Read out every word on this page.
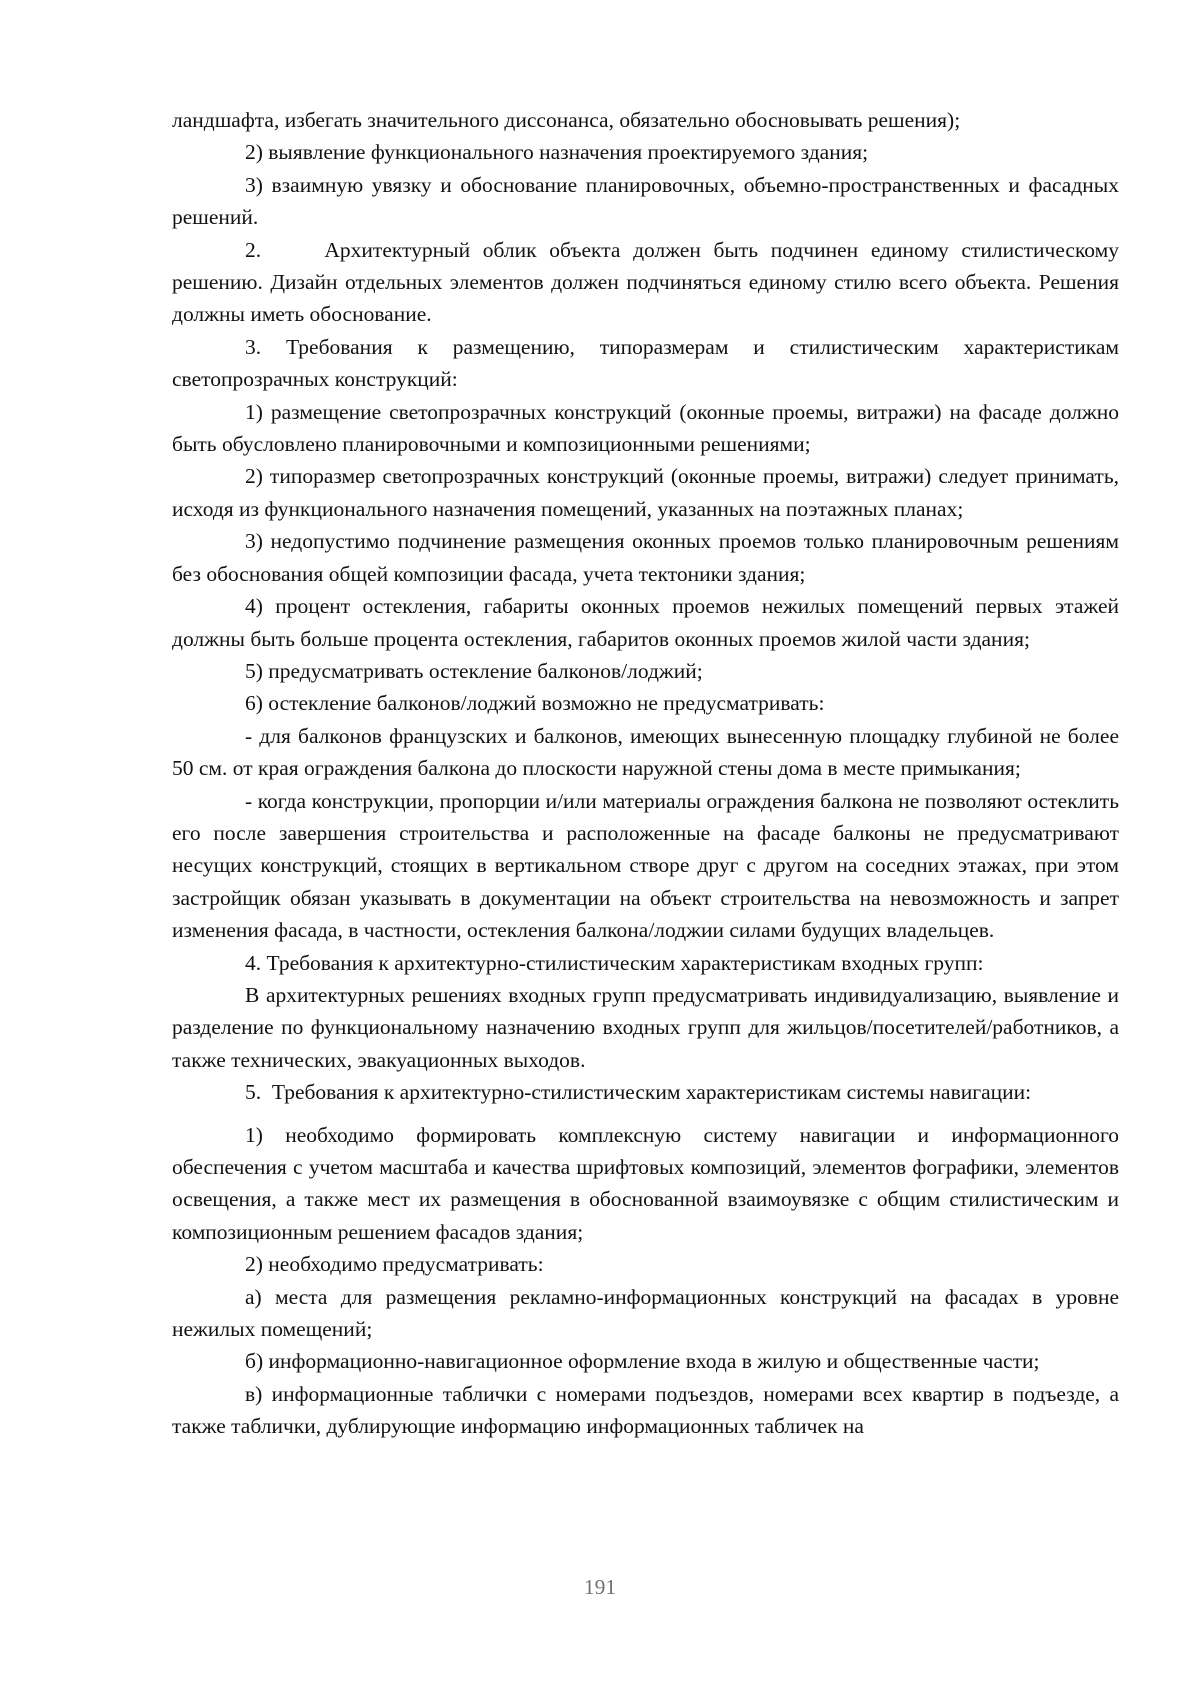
ландшафта, избегать значительного диссонанса, обязательно обосновывать решения);

2) выявление функционального назначения проектируемого здания;

3) взаимную увязку и обоснование планировочных, объемно-пространственных и фасадных решений.

2.     Архитектурный облик объекта должен быть подчинен единому стилистическому решению. Дизайн отдельных элементов должен подчиняться единому стилю всего объекта. Решения должны иметь обоснование.

3. Требования к размещению, типоразмерам и стилистическим характеристикам светопрозрачных конструкций:

1) размещение светопрозрачных конструкций (оконные проемы, витражи) на фасаде должно быть обусловлено планировочными и композиционными решениями;

2) типоразмер светопрозрачных конструкций (оконные проемы, витражи) следует принимать, исходя из функционального назначения помещений, указанных на поэтажных планах;

3) недопустимо подчинение размещения оконных проемов только планировочным решениям без обоснования общей композиции фасада, учета тектоники здания;

4) процент остекления, габариты оконных проемов нежилых помещений первых этажей должны быть больше процента остекления, габаритов оконных проемов жилой части здания;

5) предусматривать остекление балконов/лоджий;

6) остекление балконов/лоджий возможно не предусматривать:

- для балконов французских и балконов, имеющих вынесенную площадку глубиной не более 50 см. от края ограждения балкона до плоскости наружной стены дома в месте примыкания;

- когда конструкции, пропорции и/или материалы ограждения балкона не позволяют остеклить его после завершения строительства и расположенные на фасаде балконы не предусматривают несущих конструкций, стоящих в вертикальном створе друг с другом на соседних этажах, при этом застройщик обязан указывать в документации на объект строительства на невозможность и запрет изменения фасада, в частности, остекления балкона/лоджии силами будущих владельцев.

4. Требования к архитектурно-стилистическим характеристикам входных групп:

В архитектурных решениях входных групп предусматривать индивидуализацию, выявление и разделение по функциональному назначению входных групп для жильцов/посетителей/работников, а также технических, эвакуационных выходов.

5.  Требования к архитектурно-стилистическим характеристикам системы навигации:

1) необходимо формировать комплексную систему навигации и информационного обеспечения с учетом масштаба и качества шрифтовых композиций, элементов фографики, элементов освещения, а также мест их размещения в обоснованной взаимоувязке с общим стилистическим и композиционным решением фасадов здания;

2) необходимо предусматривать:

а) места для размещения рекламно-информационных конструкций на фасадах в уровне нежилых помещений;

б) информационно-навигационное оформление входа в жилую и общественные части;

в) информационные таблички с номерами подъездов, номерами всех квартир в подъезде, а также таблички, дублирующие информацию информационных табличек на

191
